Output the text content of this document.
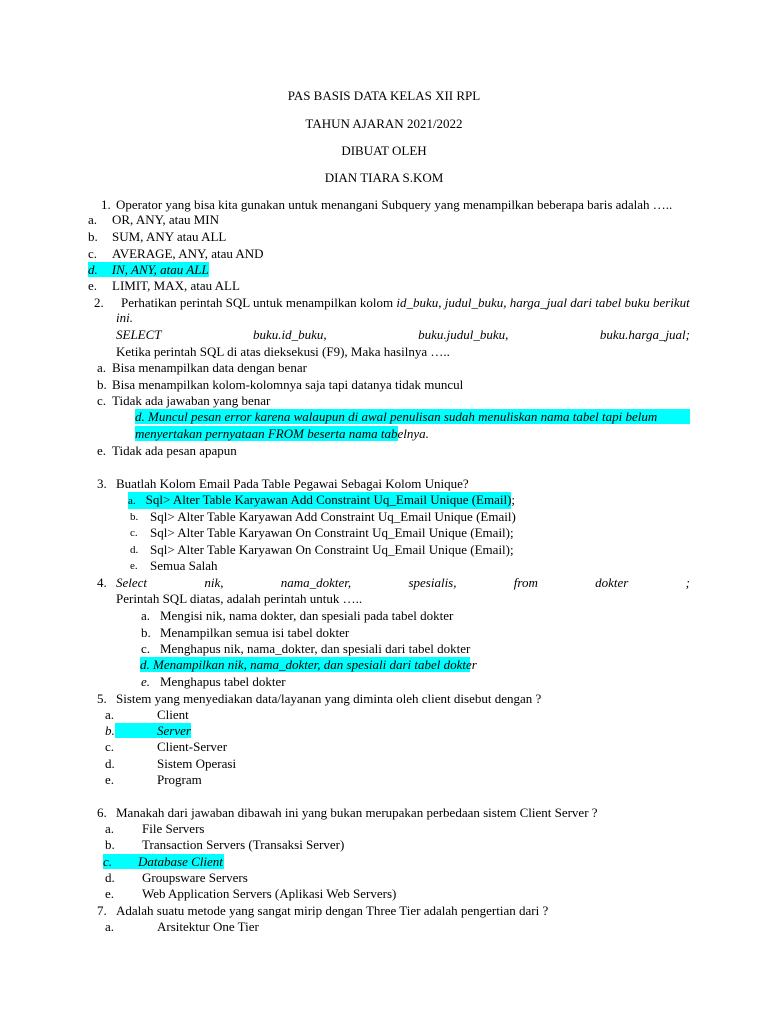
PAS BASIS DATA KELAS XII RPL
TAHUN AJARAN 2021/2022
DIBUAT OLEH
DIAN TIARA S.KOM
1. Operator yang bisa kita gunakan untuk menangani Subquery yang menampilkan beberapa baris adalah …..
a. OR, ANY, atau MIN
b. SUM, ANY atau ALL
c. AVERAGE, ANY, atau AND
d. IN, ANY, atau ALL
e. LIMIT, MAX, atau ALL
2. Perhatikan perintah SQL untuk menampilkan kolom id_buku, judul_buku, harga_jual dari tabel buku berikut
ini.
SELECT	buku.id_buku,	buku.judul_buku,	buku.harga_jual;
Ketika perintah SQL di atas dieksekusi (F9), Maka hasilnya …..
a. Bisa menampilkan data dengan benar
b. Bisa menampilkan kolom-kolomnya saja tapi datanya tidak muncul
c. Tidak ada jawaban yang benar
d. Muncul pesan error karena walaupun di awal penulisan sudah menuliskan nama tabel tapi belum
menyertakan pernyataan FROM beserta nama tabelnya.
e. Tidak ada pesan apapun
3. Buatlah Kolom Email Pada Table Pegawai Sebagai Kolom Unique?
a. Sql> Alter Table Karyawan Add Constraint Uq_Email Unique (Email);
b. Sql> Alter Table Karyawan Add Constraint Uq_Email Unique (Email)
c. Sql> Alter Table Karyawan On Constraint Uq_Email Unique (Email);
d. Sql> Alter Table Karyawan On Constraint Uq_Email Unique (Email);
e. Semua Salah
4. Select	nik,	nama_dokter,	spesialis,	from	dokter	;
Perintah SQL diatas, adalah perintah untuk …..
a. Mengisi nik, nama dokter, dan spesiali pada tabel dokter
b. Menampilkan semua isi tabel dokter
c. Menghapus nik, nama_dokter, dan spesiali dari tabel dokter
d. Menampilkan nik, nama_dokter, dan spesiali dari tabel dokter
e. Menghapus tabel dokter
5. Sistem yang menyediakan data/layanan yang diminta oleh client disebut dengan ?
a.	Client
b.	Server
c.	Client-Server
d.	Sistem Operasi
e.	Program
6. Manakah dari jawaban dibawah ini yang bukan merupakan perbedaan sistem Client Server ?
a. File Servers
b. Transaction Servers (Transaksi Server)
c. Database Client
d. Groupsware Servers
e. Web Application Servers (Aplikasi Web Servers)
7. Adalah suatu metode yang sangat mirip dengan Three Tier adalah pengertian dari ?
a.	Arsitektur One Tier
